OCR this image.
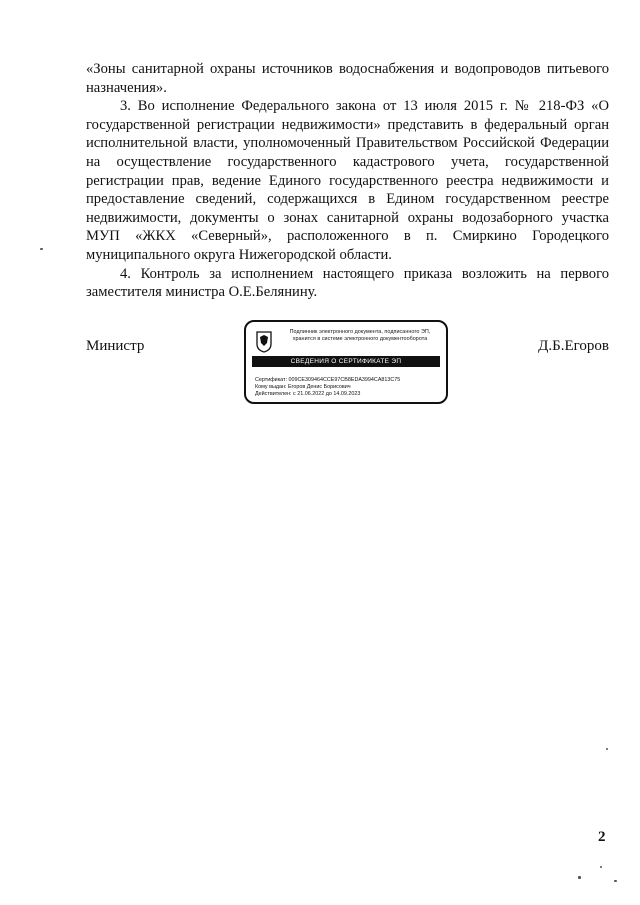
«Зоны санитарной охраны источников водоснабжения и водопроводов питьевого назначения».

3. Во исполнение Федерального закона от 13 июля 2015 г. № 218-ФЗ «О государственной регистрации недвижимости» представить в федеральный орган исполнительной власти, уполномоченный Правительством Российской Федерации на осуществление государственного кадастрового учета, государственной регистрации прав, ведение Единого государственного реестра недвижимости и предоставление сведений, содержащихся в Едином государственном реестре недвижимости, документы о зонах санитарной охраны водозаборного участка МУП «ЖКХ «Северный», расположенного в п. Смиркино Городецкого муниципального округа Нижегородской области.

4. Контроль за исполнением настоящего приказа возложить на первого заместителя министра О.Е.Белянину.

Министр	Д.Б.Егоров
Подлинник электронного документа, подписанного ЭП,
хранится в системе электронного документооборота
СВЕДЕНИЯ О СЕРТИФИКАТЕ ЭП
Сертификат: 009CE309464CCE97CB8EDA3994CA813C75
Кому выдан: Егоров Денис Борисович
Действителен: с 21.06.2022 до 14.09.2023
2
